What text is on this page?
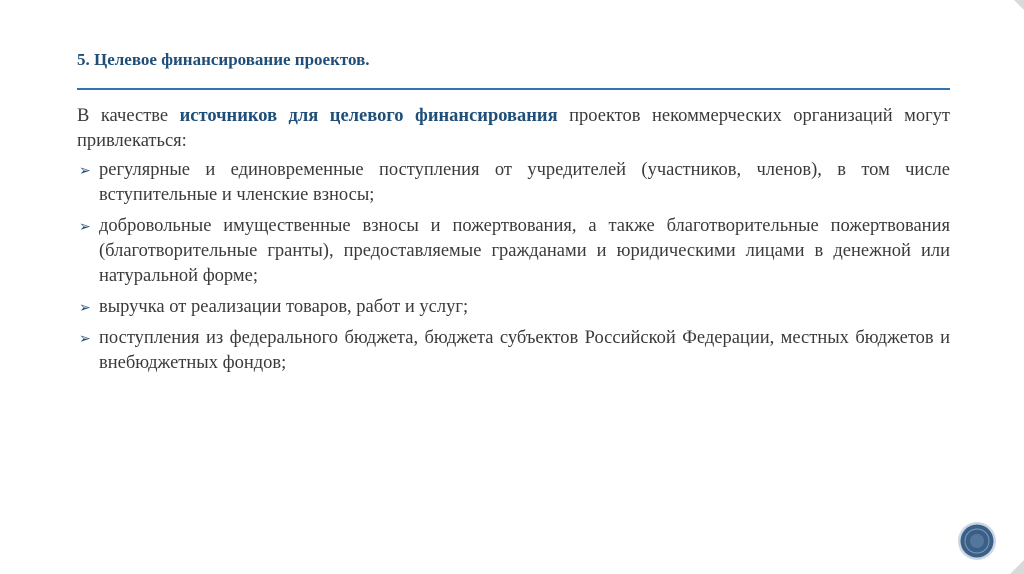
5. Целевое финансирование проектов.

В качестве источников для целевого финансирования проектов некоммерческих организаций могут привлекаться:

➢ регулярные и единовременные поступления от учредителей (участников, членов), в том числе вступительные и членские взносы;
➢ добровольные имущественные взносы и пожертвования, а также благотворительные пожертвования (благотворительные гранты), предоставляемые гражданами и юридическими лицами в денежной или натуральной форме;
➢ выручка от реализации товаров, работ и услуг;
➢ поступления из федерального бюджета, бюджета субъектов Российской Федерации, местных бюджетов и внебюджетных фондов;
